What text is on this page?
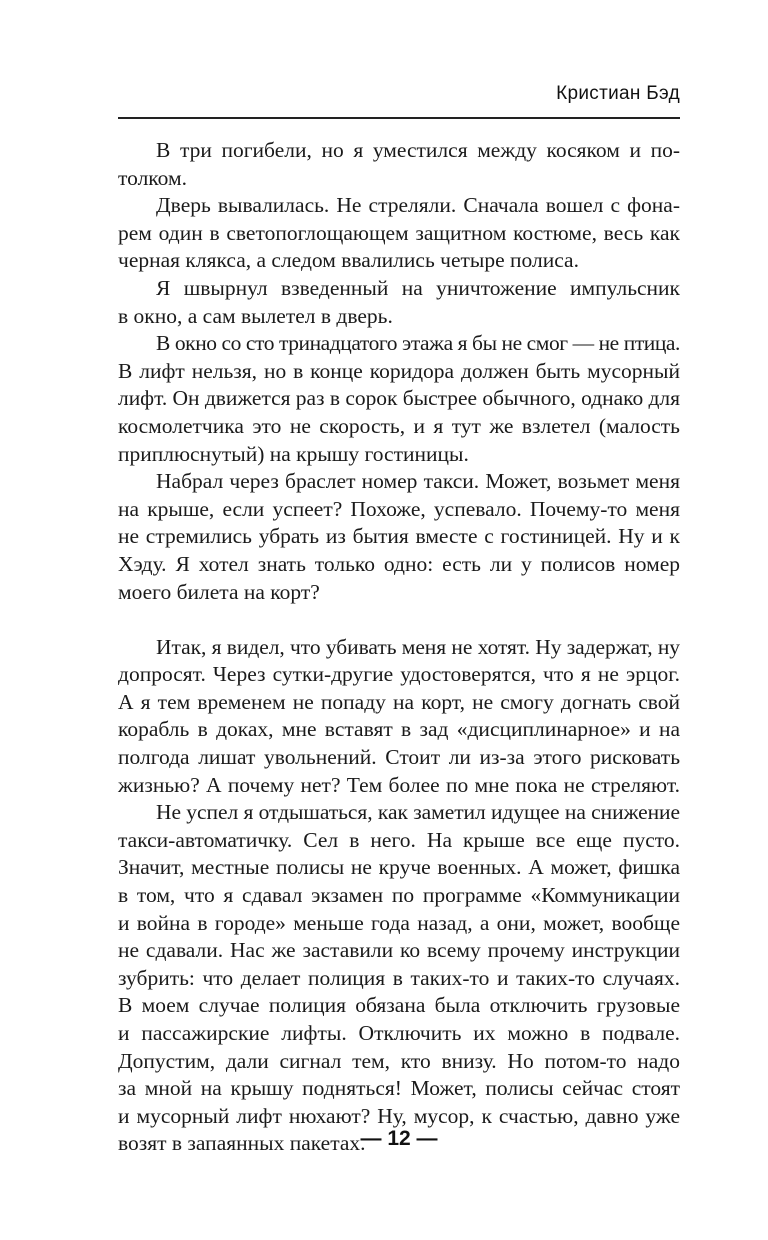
Кристиан Бэд
В три погибели, но я уместился между косяком и по-
толком.
Дверь вывалилась. Не стреляли. Сначала вошел с фона-
рем один в светопоглощающем защитном костюме, весь как
черная клякса, а следом ввалились четыре полиса.
Я швырнул взведенный на уничтожение импульсник
в окно, а сам вылетел в дверь.
В окно со сто тринадцатого этажа я бы не смог — не птица.
В лифт нельзя, но в конце коридора должен быть мусорный
лифт. Он движется раз в сорок быстрее обычного, однако для
космолетчика это не скорость, и я тут же взлетел (малость
приплюснутый) на крышу гостиницы.
Набрал через браслет номер такси. Может, возьмет меня
на крыше, если успеет? Похоже, успевало. Почему-то меня
не стремились убрать из бытия вместе с гостиницей. Ну и к
Хэду. Я хотел знать только одно: есть ли у полисов номер
моего билета на корт?
Итак, я видел, что убивать меня не хотят. Ну задержат, ну
допросят. Через сутки-другие удостоверятся, что я не эрцог.
А я тем временем не попаду на корт, не смогу догнать свой
корабль в доках, мне вставят в зад «дисциплинарное» и на
полгода лишат увольнений. Стоит ли из-за этого рисковать
жизнью? А почему нет? Тем более по мне пока не стреляют.
Не успел я отдышаться, как заметил идущее на снижение
такси-автоматичку. Сел в него. На крыше все еще пусто.
Значит, местные полисы не круче военных. А может, фишка
в том, что я сдавал экзамен по программе «Коммуникации
и война в городе» меньше года назад, а они, может, вообще
не сдавали. Нас же заставили ко всему прочему инструкции
зубрить: что делает полиция в таких-то и таких-то случаях.
В моем случае полиция обязана была отключить грузовые
и пассажирские лифты. Отключить их можно в подвале.
Допустим, дали сигнал тем, кто внизу. Но потом-то надо
за мной на крышу подняться! Может, полисы сейчас стоят
и мусорный лифт нюхают? Ну, мусор, к счастью, давно уже
возят в запаянных пакетах.
— 12 —
